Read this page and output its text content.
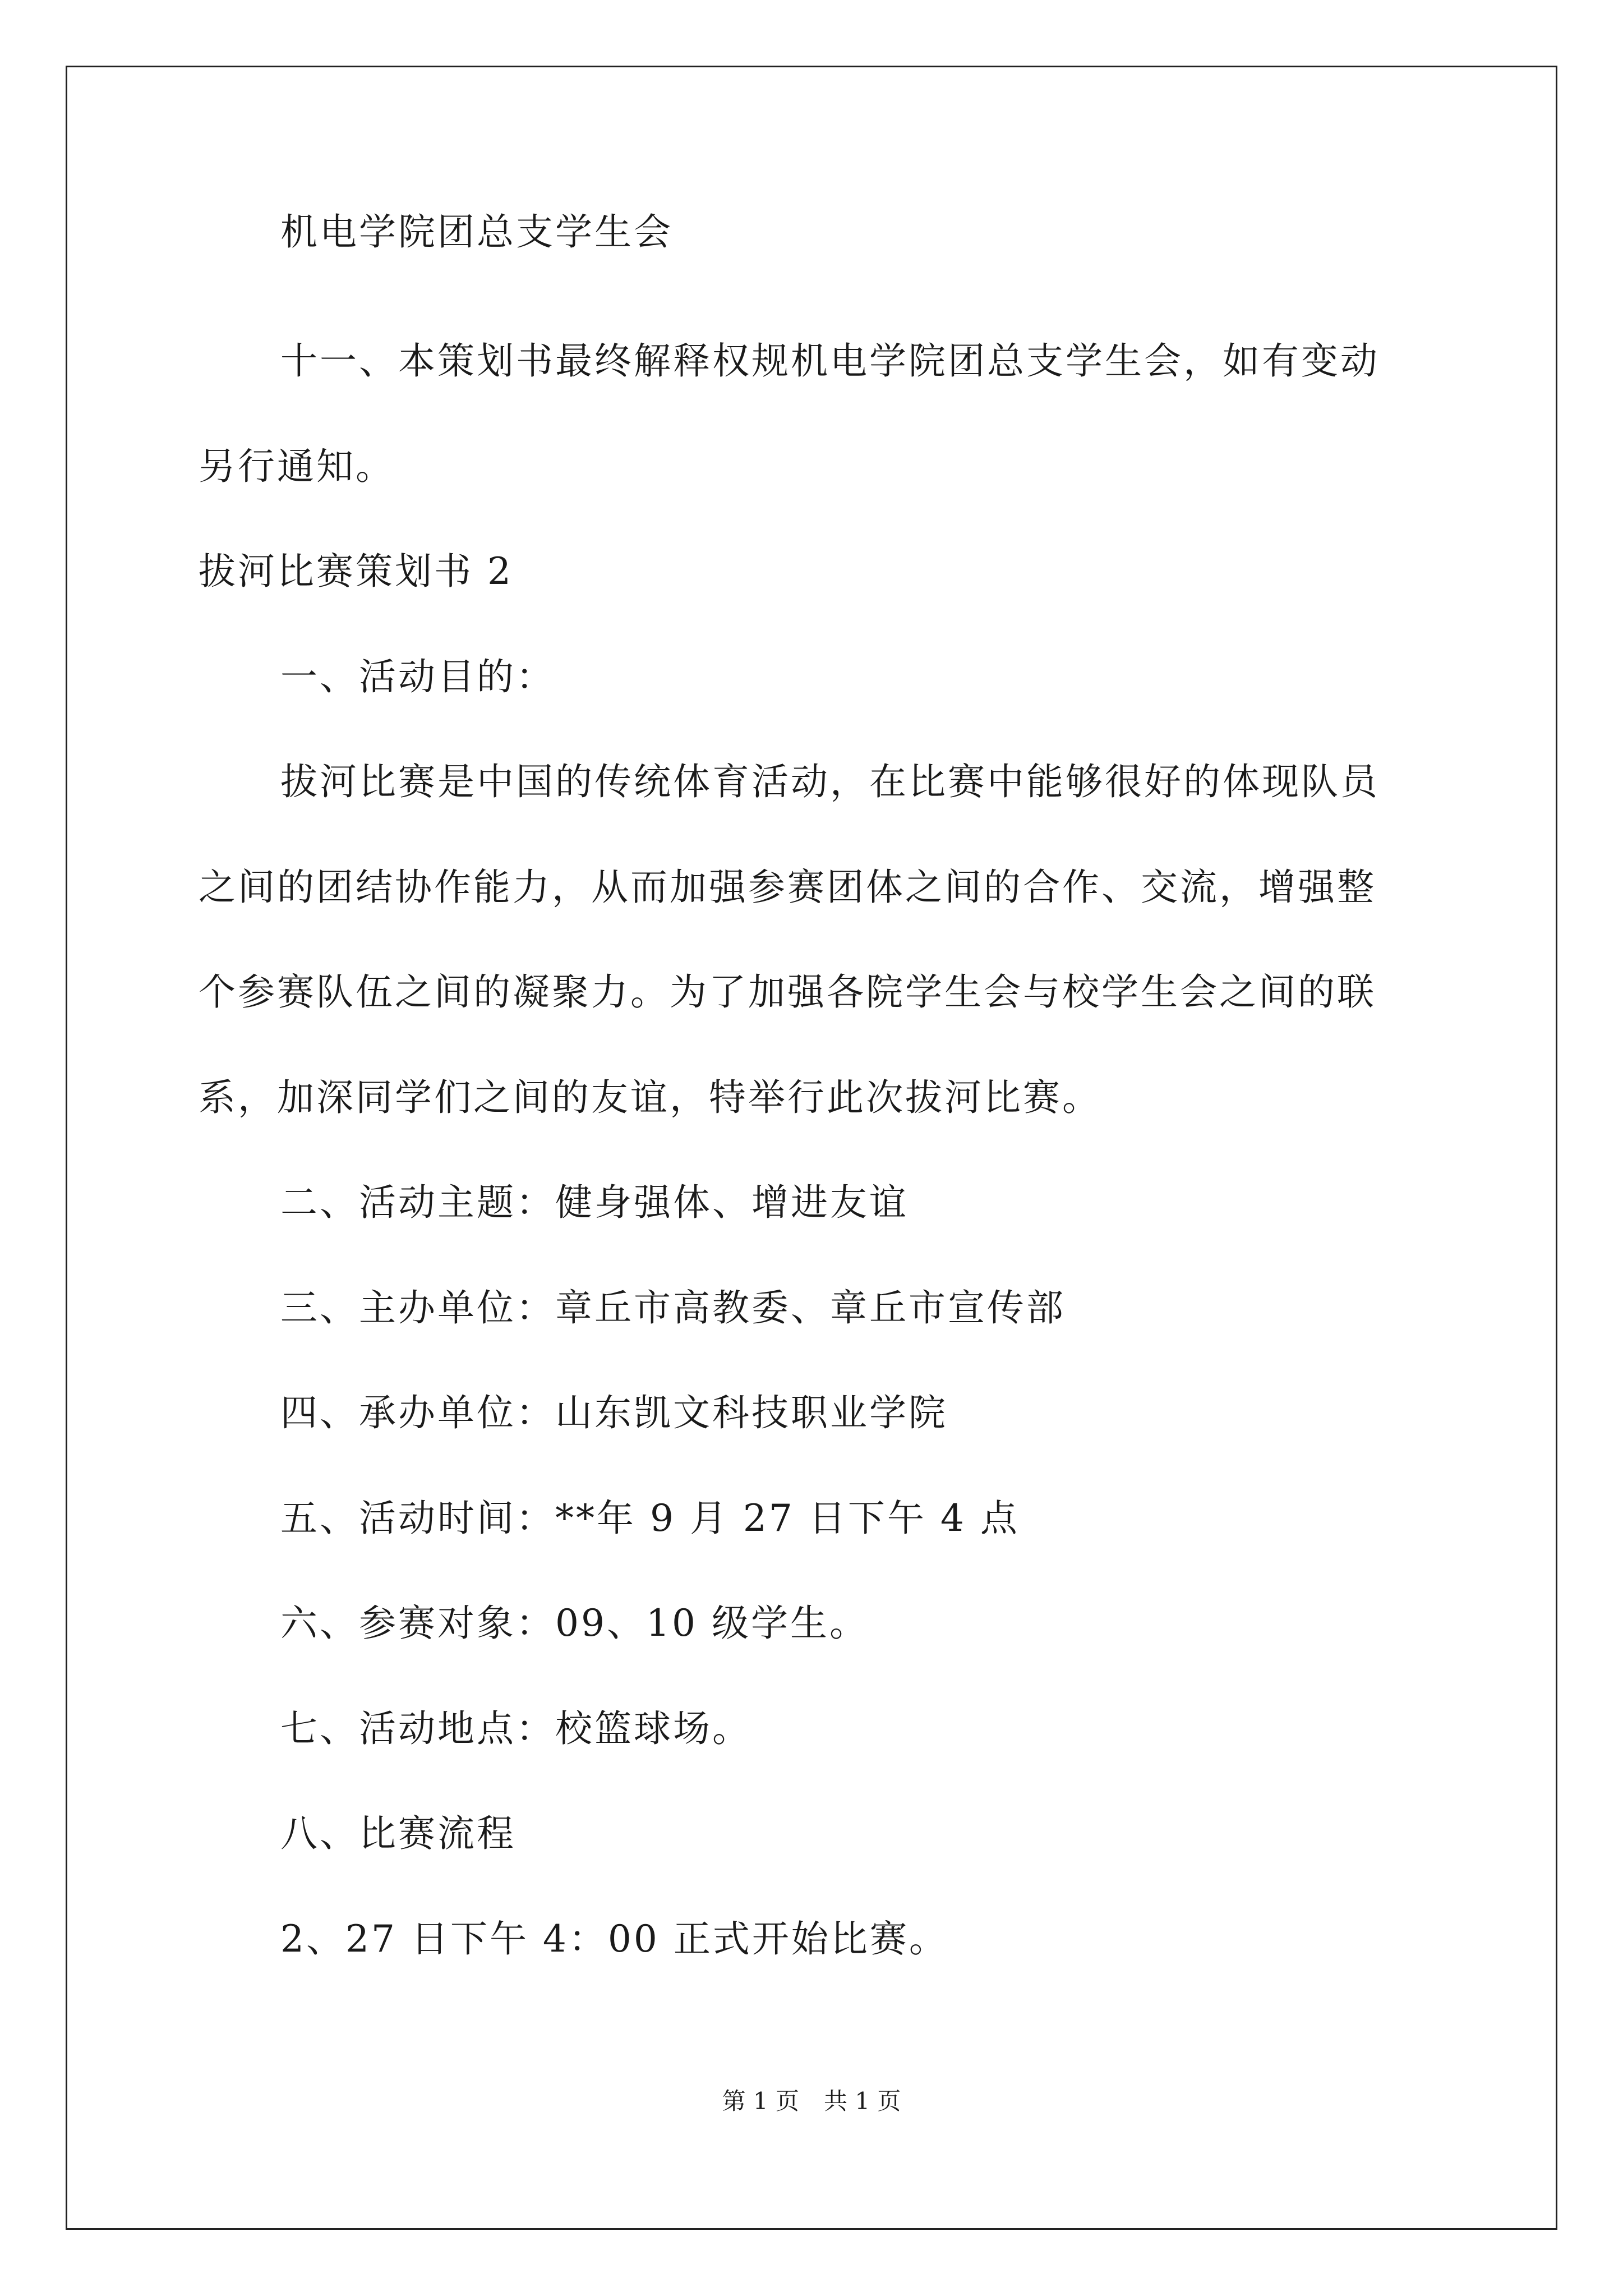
机电学院团总支学生会
十一、本策划书最终解释权规机电学院团总支学生会，如有变动
另行通知。
拔河比赛策划书 2
一、活动目的：
拔河比赛是中国的传统体育活动，在比赛中能够很好的体现队员
之间的团结协作能力，从而加强参赛团体之间的合作、交流，增强整
个参赛队伍之间的凝聚力。为了加强各院学生会与校学生会之间的联
系，加深同学们之间的友谊，特举行此次拔河比赛。
二、活动主题：健身强体、增进友谊
三、主办单位：章丘市高教委、章丘市宣传部
四、承办单位：山东凯文科技职业学院
五、活动时间：**年 9 月 27 日下午 4 点
六、参赛对象：09、10 级学生。
七、活动地点：校篮球场。
八、比赛流程
2、27 日下午 4：00 正式开始比赛。
第 1 页 共 1 页
